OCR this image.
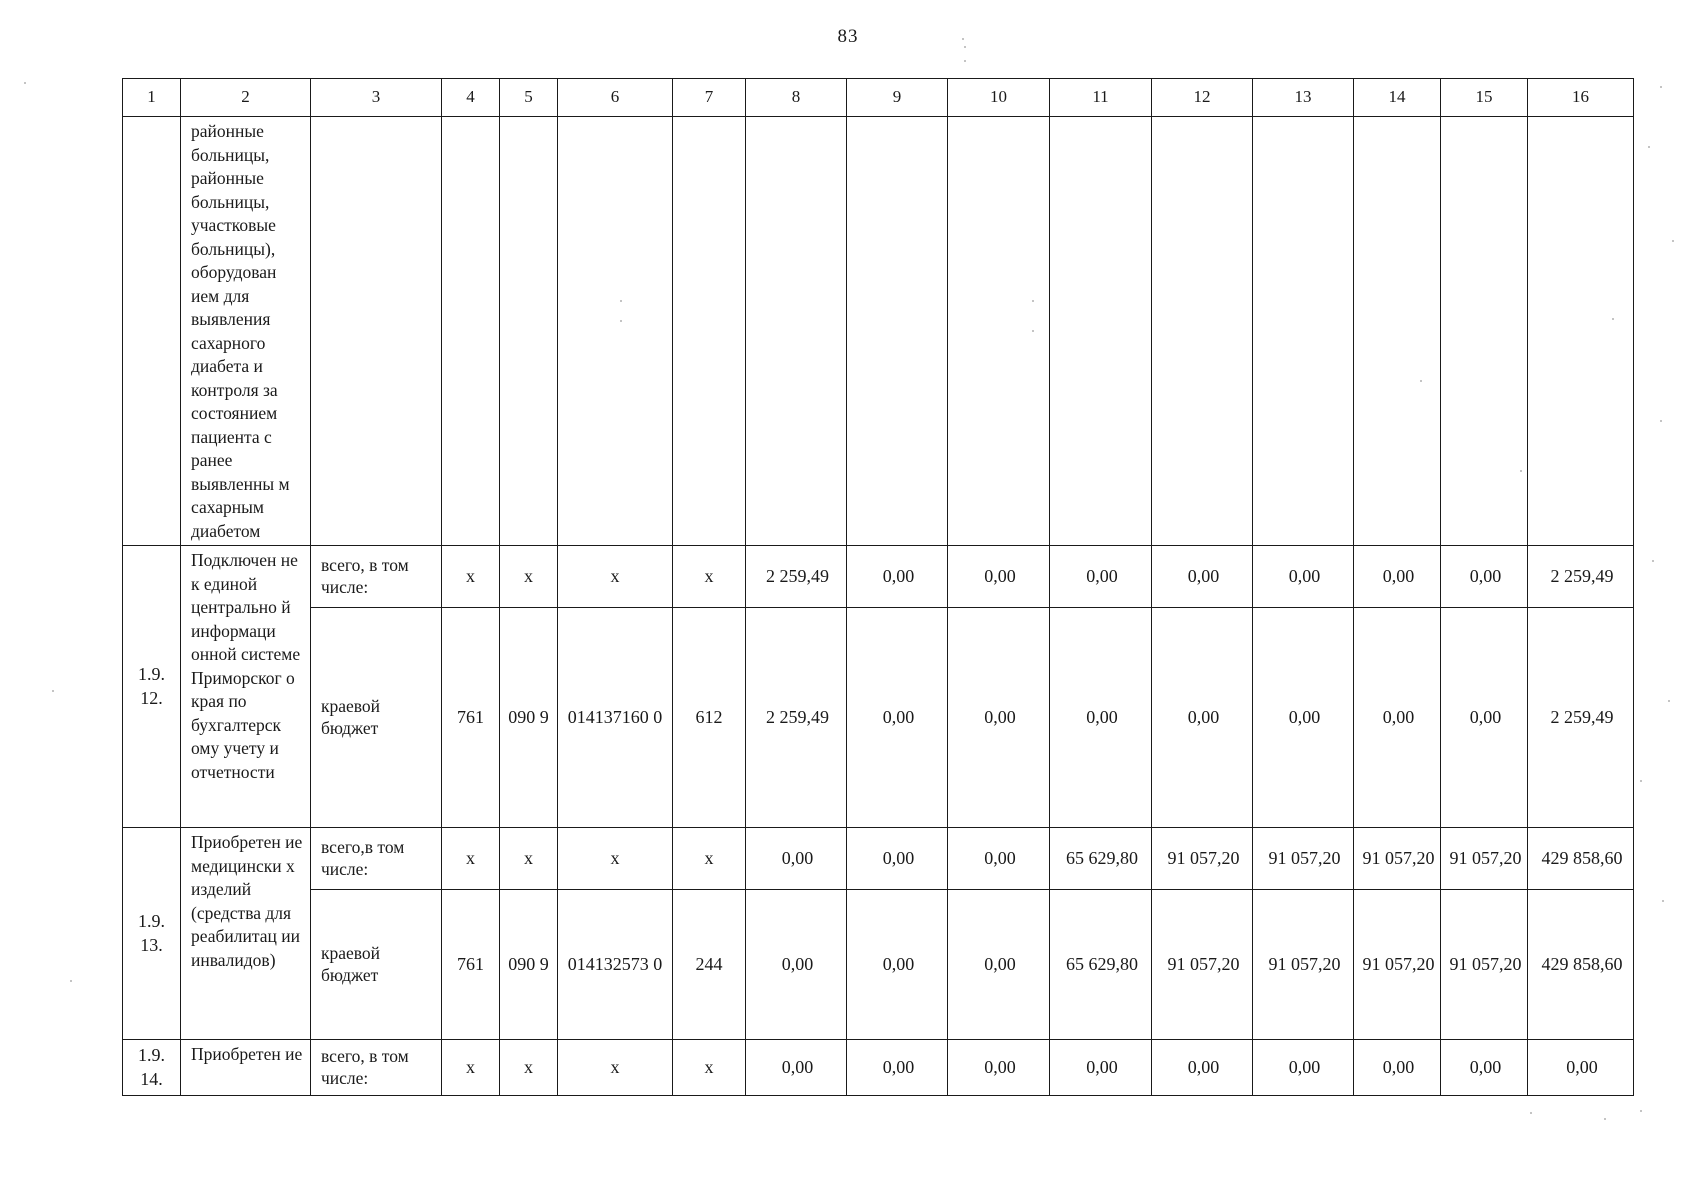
83
1	2	3	4	5	6	7	8	9	10	11	12	13	14	15	16
	районные больницы, районные больницы, участковые больницы), оборудован ием для выявления сахарного диабета и контроля за состоянием пациента с ранее выявленны м сахарным диабетом														
1.9. 12.	Подключен не к единой центрально й информаци онной системе Приморског о края по бухгалтерск ому учету и отчетности	всего, в том числе:	x	x	x	x	2 259,49	0,00	0,00	0,00	0,00	0,00	0,00	0,00	2 259,49
		краевой бюджет	761	090 9	014137160 0	612	2 259,49	0,00	0,00	0,00	0,00	0,00	0,00	0,00	2 259,49
1.9. 13.	Приобретен ие медицински х изделий (средства для реабилитац ии инвалидов)	всего,в том числе:	x	x	x	x	0,00	0,00	0,00	65 629,80	91 057,20	91 057,20	91 057,20	91 057,20	429 858,60
		краевой бюджет	761	090 9	014132573 0	244	0,00	0,00	0,00	65 629,80	91 057,20	91 057,20	91 057,20	91 057,20	429 858,60
1.9. 14.	Приобретен ие	всего, в том числе:	x	x	x	x	0,00	0,00	0,00	0,00	0,00	0,00	0,00	0,00	0,00
